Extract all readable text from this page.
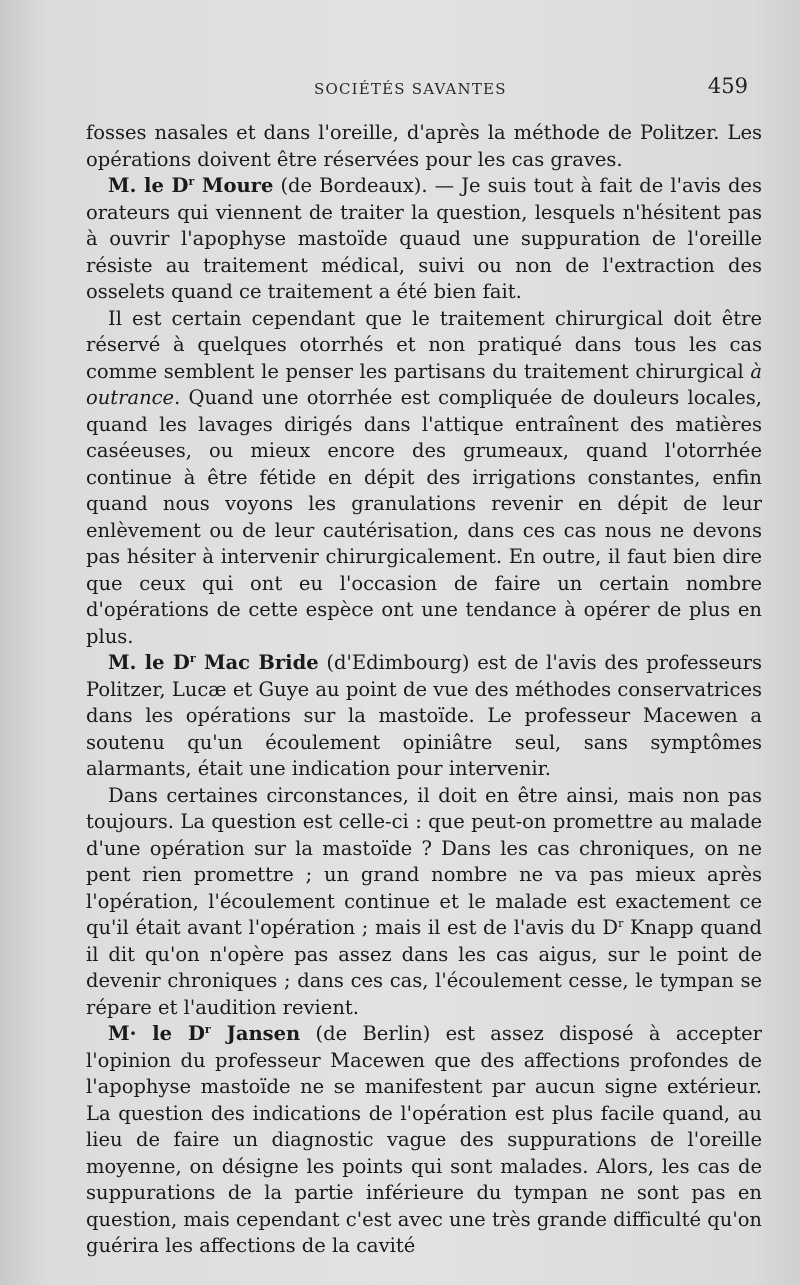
SOCIÉTÉS SAVANTES	459

fosses nasales et dans l'oreille, d'après la méthode de Politzer. Les opérations doivent être réservées pour les cas graves.

M. le $D^r$ Moure (de Bordeaux). — Je suis tout à fait de l'avis des orateurs qui viennent de traiter la question, lesquels n'hésitent pas à ouvrir l'apophyse mastoïde quaud une suppuration de l'oreille résiste au traitement médical, suivi ou non de l'extraction des osselets quand ce traitement a été bien fait.

Il est certain cependant que le traitement chirurgical doit être réservé à quelques otorrhés et non pratiqué dans tous les cas comme semblent le penser les partisans du traitement chirurgical à outrance. Quand une otorrhée est compliquée de douleurs locales, quand les lavages dirigés dans l'attique entraînent des matières caséeuses, ou mieux encore des grumeaux, quand l'otorrhée continue à être fétide en dépit des irrigations constantes, enfin quand nous voyons les granulations revenir en dépit de leur enlèvement ou de leur cautérisation, dans ces cas nous ne devons pas hésiter à intervenir chirurgicalement. En outre, il faut bien dire que ceux qui ont eu l'occasion de faire un certain nombre d'opérations de cette espèce ont une tendance à opérer de plus en plus.

M. le $D^r$ Mac Bride (d'Edimbourg) est de l'avis des professeurs Politzer, Lucæ et Guye au point de vue des méthodes conservatrices dans les opérations sur la mastoïde. Le professeur Macewen a soutenu qu'un écoulement opiniâtre seul, sans symptômes alarmants, était une indication pour intervenir.

Dans certaines circonstances, il doit en être ainsi, mais non pas toujours. La question est celle-ci : que peut-on promettre au malade d'une opération sur la mastoïde ? Dans les cas chroniques, on ne pent rien promettre ; un grand nombre ne va pas mieux après l'opération, l'écoulement continue et le malade est exactement ce qu'il était avant l'opération ; mais il est de l'avis du $D^r$ Knapp quand il dit qu'on n'opère pas assez dans les cas aigus, sur le point de devenir chroniques ; dans ces cas, l'écoulement cesse, le tympan se répare et l'audition revient.

M· le $D^r$ Jansen (de Berlin) est assez disposé à accepter l'opinion du professeur Macewen que des affections profondes de l'apophyse mastoïde ne se manifestent par aucun signe extérieur. La question des indications de l'opération est plus facile quand, au lieu de faire un diagnostic vague des suppurations de l'oreille moyenne, on désigne les points qui sont malades. Alors, les cas de suppurations de la partie inférieure du tympan ne sont pas en question, mais cependant c'est avec une très grande difficulté qu'on guérira les affections de la cavité
